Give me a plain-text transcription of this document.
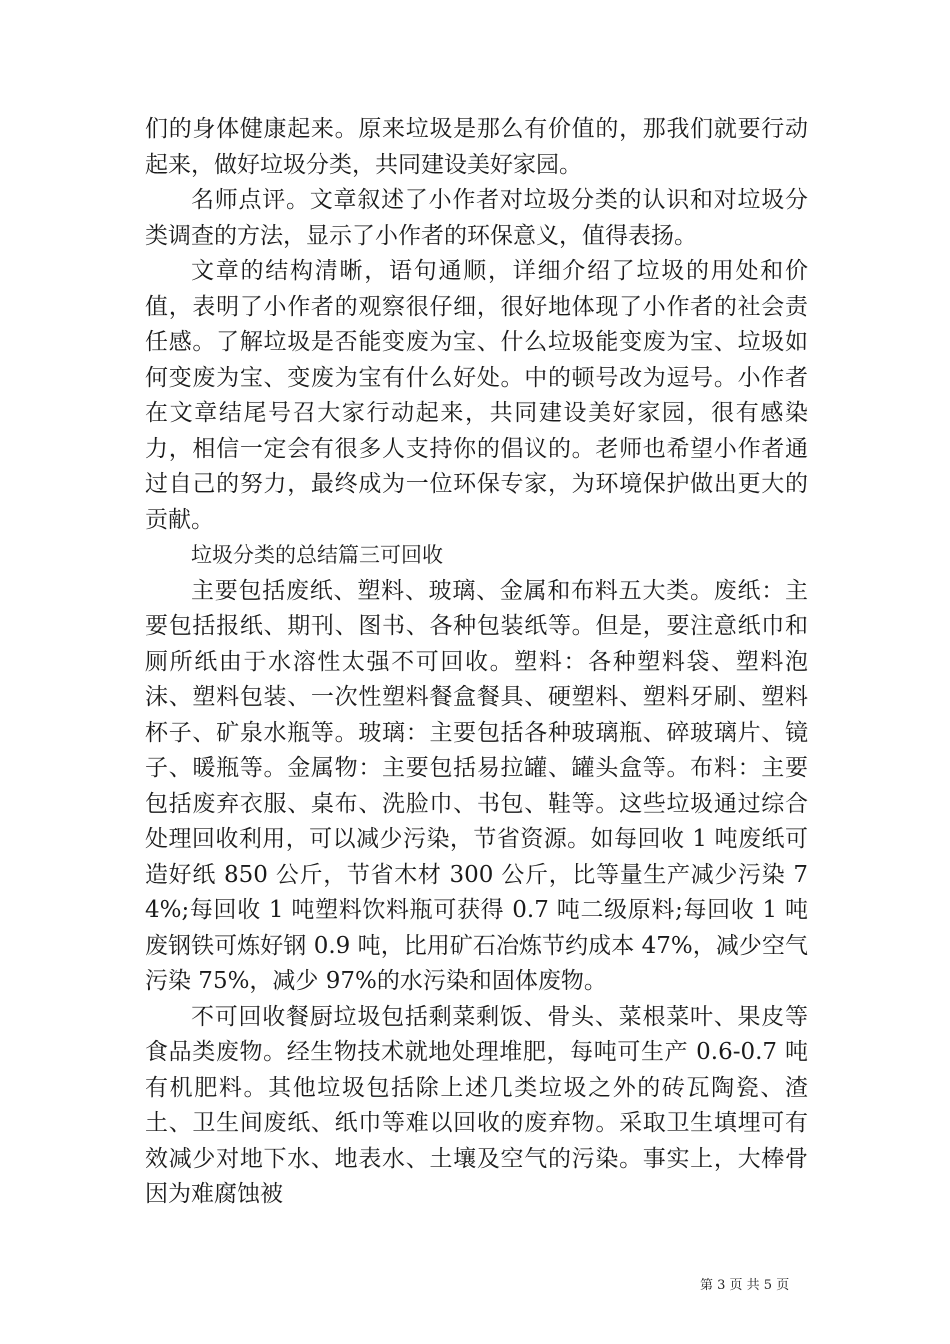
们的身体健康起来。原来垃圾是那么有价值的，那我们就要行动起来，做好垃圾分类，共同建设美好家园。

名师点评。文章叙述了小作者对垃圾分类的认识和对垃圾分类调查的方法，显示了小作者的环保意义，值得表扬。

文章的结构清晰，语句通顺，详细介绍了垃圾的用处和价值，表明了小作者的观察很仔细，很好地体现了小作者的社会责任感。了解垃圾是否能变废为宝、什么垃圾能变废为宝、垃圾如何变废为宝、变废为宝有什么好处。中的顿号改为逗号。小作者在文章结尾号召大家行动起来，共同建设美好家园，很有感染力，相信一定会有很多人支持你的倡议的。老师也希望小作者通过自己的努力，最终成为一位环保专家，为环境保护做出更大的贡献。

垃圾分类的总结篇三可回收

主要包括废纸、塑料、玻璃、金属和布料五大类。废纸：主要包括报纸、期刊、图书、各种包装纸等。但是，要注意纸巾和厕所纸由于水溶性太强不可回收。塑料：各种塑料袋、塑料泡沫、塑料包装、一次性塑料餐盒餐具、硬塑料、塑料牙刷、塑料杯子、矿泉水瓶等。玻璃：主要包括各种玻璃瓶、碎玻璃片、镜子、暖瓶等。金属物：主要包括易拉罐、罐头盒等。布料：主要包括废弃衣服、桌布、洗脸巾、书包、鞋等。这些垃圾通过综合处理回收利用，可以减少污染，节省资源。如每回收 1 吨废纸可造好纸 850 公斤，节省木材 300 公斤，比等量生产减少污染 74%;每回收 1 吨塑料饮料瓶可获得 0.7 吨二级原料;每回收 1 吨废钢铁可炼好钢 0.9 吨，比用矿石冶炼节约成本 47%，减少空气污染 75%，减少 97%的水污染和固体废物。

不可回收餐厨垃圾包括剩菜剩饭、骨头、菜根菜叶、果皮等食品类废物。经生物技术就地处理堆肥，每吨可生产 0.6-0.7 吨有机肥料。其他垃圾包括除上述几类垃圾之外的砖瓦陶瓷、渣土、卫生间废纸、纸巾等难以回收的废弃物。采取卫生填埋可有效减少对地下水、地表水、土壤及空气的污染。事实上，大棒骨因为难腐蚀被

第 3 页 共 5 页
